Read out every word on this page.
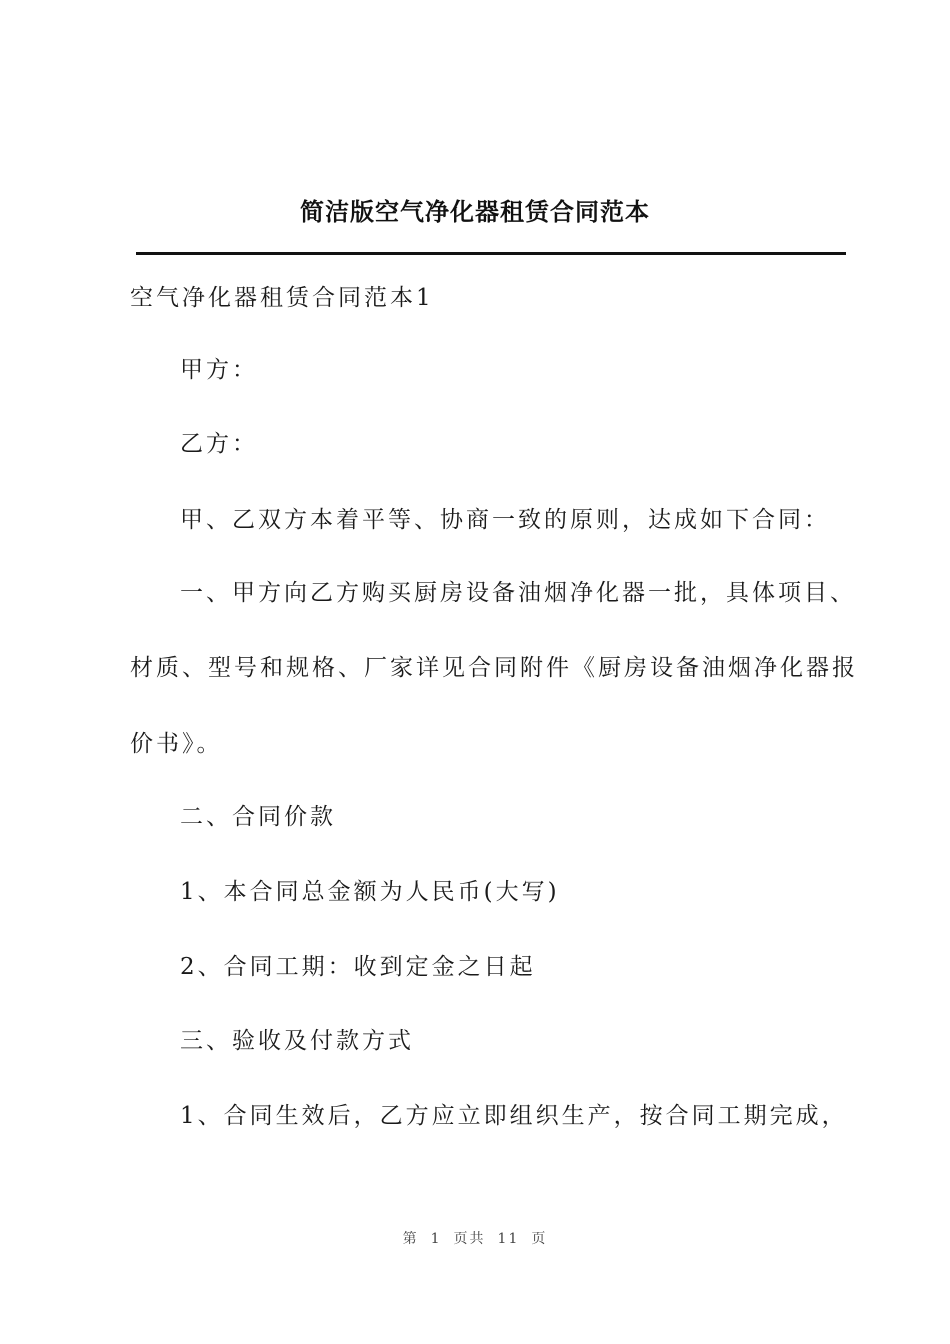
简洁版空气净化器租赁合同范本
空气净化器租赁合同范本1
甲方：
乙方：
甲、乙双方本着平等、协商一致的原则，达成如下合同：
一、甲方向乙方购买厨房设备油烟净化器一批，具体项目、
材质、型号和规格、厂家详见合同附件《厨房设备油烟净化器报
价书》。
二、合同价款
1、本合同总金额为人民币(大写)
2、合同工期：收到定金之日起
三、验收及付款方式
1、合同生效后，乙方应立即组织生产，按合同工期完成，
第 1 页共 11 页
